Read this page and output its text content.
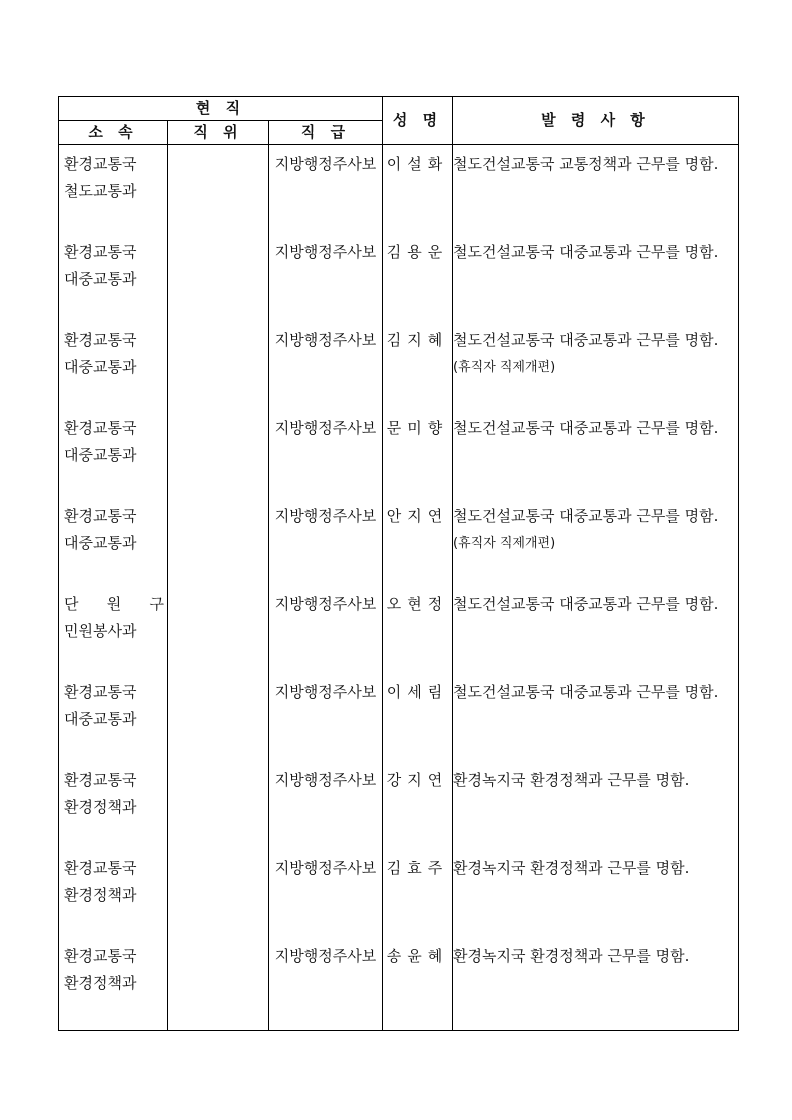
현 직			성 명	발 령 사 항
소 속	직 위	직 급		

환경교통국
철도교통과		지방행정주사보	이설화	철도건설교통국 교통정책과 근무를 명함.

환경교통국
대중교통과		지방행정주사보	김용운	철도건설교통국 대중교통과 근무를 명함.

환경교통국
대중교통과		지방행정주사보	김지혜	철도건설교통국 대중교통과 근무를 명함.
(휴직자 직제개편)

환경교통국
대중교통과		지방행정주사보	문미향	철도건설교통국 대중교통과 근무를 명함.

환경교통국
대중교통과		지방행정주사보	안지연	철도건설교통국 대중교통과 근무를 명함.
(휴직자 직제개편)

단 원 구
민원봉사과		지방행정주사보	오현정	철도건설교통국 대중교통과 근무를 명함.

환경교통국
대중교통과		지방행정주사보	이세림	철도건설교통국 대중교통과 근무를 명함.

환경교통국
환경정책과		지방행정주사보	강지연	환경녹지국 환경정책과 근무를 명함.

환경교통국
환경정책과		지방행정주사보	김효주	환경녹지국 환경정책과 근무를 명함.

환경교통국
환경정책과		지방행정주사보	송윤혜	환경녹지국 환경정책과 근무를 명함.
